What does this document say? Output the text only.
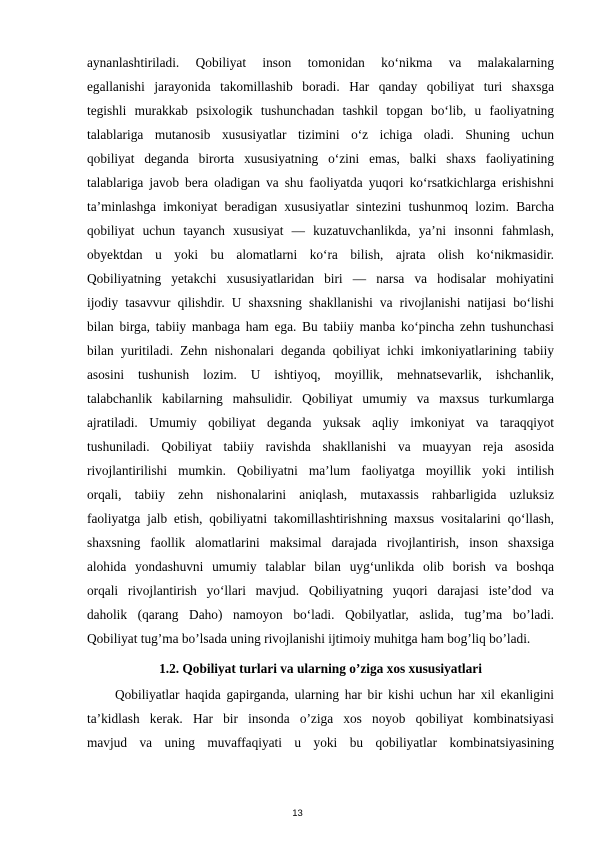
aynanlashtiriladi. Qobiliyat inson tomonidan ko‘nikma va malakalarning
egallanishi jarayonida takomillashib boradi. Har qanday qobiliyat turi shaxsga
tegishli murakkab psixologik tushunchadan tashkil topgan bo‘lib, u faoliyatning
talablariga mutanosib xususiyatlar tizimini o‘z ichiga oladi. Shuning uchun
qobiliyat deganda birorta xususiyatning o‘zini emas, balki shaxs faoliyatining
talablariga javob bera oladigan va shu faoliyatda yuqori ko‘rsatkichlarga erishishni
ta’minlashga imkoniyat beradigan xususiyatlar sintezini tushunmoq lozim. Barcha
qobiliyat uchun tayanch xususiyat — kuzatuvchanlikda, ya’ni insonni fahmlash,
obyektdan u yoki bu alomatlarni ko‘ra bilish, ajrata olish ko‘nikmasidir.
Qobiliyatning yetakchi xususiyatlaridan biri — narsa va hodisalar mohiyatini
ijodiy tasavvur qilishdir. U shaxsning shakllanishi va rivojlanishi natijasi bo‘lishi
bilan birga, tabiiy manbaga ham ega. Bu tabiiy manba ko‘pincha zehn tushunchasi
bilan yuritiladi. Zehn nishonalari deganda qobiliyat ichki imkoniyatlarining tabiiy
asosini tushunish lozim. U ishtiyoq, moyillik, mehnatsevarlik, ishchanlik,
talabchanlik kabilarning mahsulidir. Qobiliyat umumiy va maxsus turkumlarga
ajratiladi. Umumiy qobiliyat deganda yuksak aqliy imkoniyat va taraqqiyot
tushuniladi. Qobiliyat tabiiy ravishda shakllanishi va muayyan reja asosida
rivojlantirilishi mumkin. Qobiliyatni ma’lum faoliyatga moyillik yoki intilish
orqali, tabiiy zehn nishonalarini aniqlash, mutaxassis rahbarligida uzluksiz
faoliyatga jalb etish, qobiliyatni takomillashtirishning maxsus vositalarini qo‘llash,
shaxsning faollik alomatlarini maksimal darajada rivojlantirish, inson shaxsiga
alohida yondashuvni umumiy talablar bilan uyg‘unlikda olib borish va boshqa
orqali rivojlantirish yo‘llari mavjud. Qobiliyatning yuqori darajasi iste’dod va
daholik (qarang Daho) namoyon bo‘ladi. Qobilyatlar, aslida, tug’ma bo’ladi.
Qobiliyat tug’ma bo’lsada uning rivojlanishi ijtimoiy muhitga ham bog’liq bo’ladi.
1.2. Qobiliyat turlari va ularning o’ziga xos xususiyatlari
Qobiliyatlar haqida gapirganda, ularning har bir kishi uchun har xil ekanligini
ta’kidlash kerak. Har bir insonda o’ziga xos noyob qobiliyat kombinatsiyasi
mavjud va uning muvaffaqiyati u yoki bu qobiliyatlar kombinatsiyasining
13
